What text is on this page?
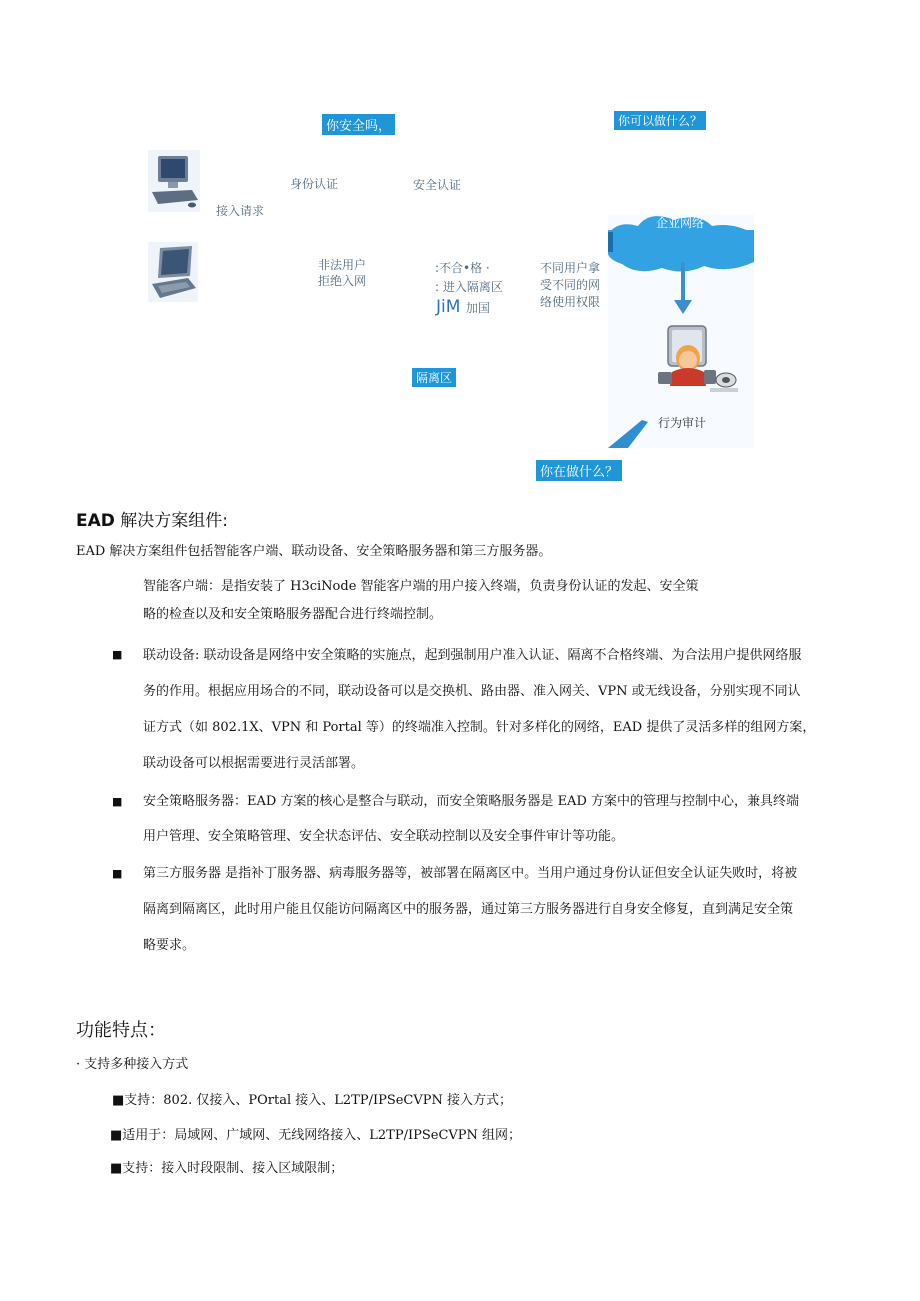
你安全吗，	你可以做什么？
身份认证	安全认证
接入请求
非法用户
拒绝入网
:不合•格 ·
: 进入隔离区
JiM 加国
不同用户拿
受不同的网
络使用权限
企业网络
隔离区
行为审计
你在做什么？
EAD 解决方案组件:
EAD 解决方案组件包括智能客户端、联动设备、安全策略服务器和第三方服务器。
智能客户端：是指安装了 H3ciNode 智能客户端的用户接入终端，负责身份认证的发起、安全策
略的检查以及和安全策略服务器配合进行终端控制。
■ 联动设备: 联动设备是网络中安全策略的实施点，起到强制用户准入认证、隔离不合格终端、为合法用户提供网络服
务的作用。根据应用场合的不同，联动设备可以是交换机、路由器、准入网关、VPN 或无线设备，分别实现不同认
证方式（如 802.1X、VPN 和 Portal 等）的终端准入控制。针对多样化的网络，EAD 提供了灵活多样的组网方案，
联动设备可以根据需要进行灵活部署。
■ 安全策略服务器：EAD 方案的核心是整合与联动，而安全策略服务器是 EAD 方案中的管理与控制中心，兼具终端
用户管理、安全策略管理、安全状态评估、安全联动控制以及安全事件审计等功能。
■ 第三方服务器 是指补丁服务器、病毒服务器等，被部署在隔离区中。当用户通过身份认证但安全认证失败时，将被
隔离到隔离区，此时用户能且仅能访问隔离区中的服务器，通过第三方服务器进行自身安全修复，直到满足安全策
略要求。
功能特点：
· 支持多种接入方式
■支持：802. 仅接入、POrtal 接入、L2TP/IPSeCVPN 接入方式；
■适用于：局域网、广域网、无线网络接入、L2TP/IPSeCVPN 组网；
■支持：接入时段限制、接入区域限制；
